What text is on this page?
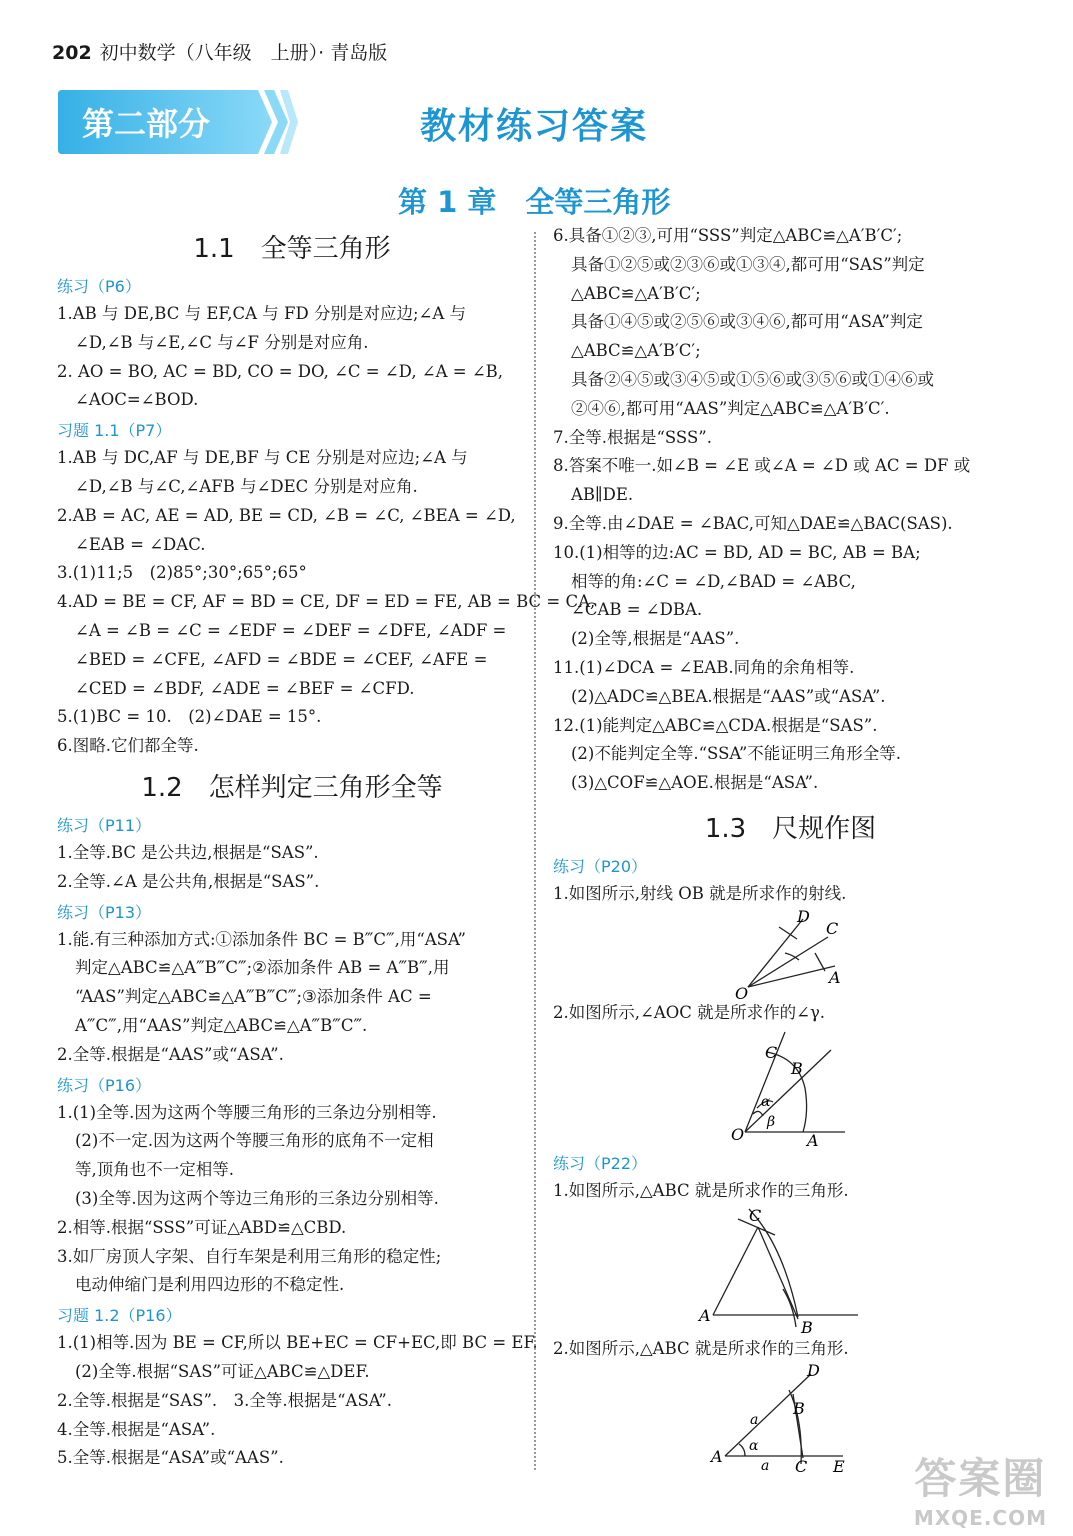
202 初中数学（八年级　上册）· 青岛版
第二部分	教材练习答案
第 1 章　全等三角形
1.1　全等三角形
练习（P6）
1.AB 与 DE,BC 与 EF,CA 与 FD 分别是对应边;∠A 与
∠D,∠B 与∠E,∠C 与∠F 分别是对应角.
2. AO = BO, AC = BD, CO = DO, ∠C = ∠D, ∠A = ∠B,
∠AOC=∠BOD.
习题 1.1（P7）
1.AB 与 DC,AF 与 DE,BF 与 CE 分别是对应边;∠A 与
∠D,∠B 与∠C,∠AFB 与∠DEC 分别是对应角.
2.AB = AC, AE = AD, BE = CD, ∠B = ∠C, ∠BEA = ∠D,
∠EAB = ∠DAC.
3.(1)11;5　(2)85°;30°;65°;65°
4.AD = BE = CF, AF = BD = CE, DF = ED = FE, AB = BC = CA,
∠A = ∠B = ∠C = ∠EDF = ∠DEF = ∠DFE, ∠ADF =
∠BED = ∠CFE, ∠AFD = ∠BDE = ∠CEF, ∠AFE =
∠CED = ∠BDF, ∠ADE = ∠BEF = ∠CFD.
5.(1)BC = 10.　(2)∠DAE = 15°.
6.图略.它们都全等.
1.2　怎样判定三角形全等
练习（P11）
1.全等.BC 是公共边,根据是“SAS”.
2.全等.∠A 是公共角,根据是“SAS”.
练习（P13）
1.能.有三种添加方式:①添加条件 BC = B‴C‴,用“ASA”
判定△ABC≌△A‴B‴C‴;②添加条件 AB = A‴B‴,用
“AAS”判定△ABC≌△A‴B‴C‴;③添加条件 AC =
A‴C‴,用“AAS”判定△ABC≌△A‴B‴C‴.
2.全等.根据是“AAS”或“ASA”.
练习（P16）
1.(1)全等.因为这两个等腰三角形的三条边分别相等.
(2)不一定.因为这两个等腰三角形的底角不一定相
等,顶角也不一定相等.
(3)全等.因为这两个等边三角形的三条边分别相等.
2.相等.根据“SSS”可证△ABD≌△CBD.
3.如厂房顶人字架、自行车架是利用三角形的稳定性;
电动伸缩门是利用四边形的不稳定性.
习题 1.2（P16）
1.(1)相等.因为 BE = CF,所以 BE+EC = CF+EC,即 BC = EF.
(2)全等.根据“SAS”可证△ABC≌△DEF.
2.全等.根据是“SAS”.　3.全等.根据是“ASA”.
4.全等.根据是“ASA”.
5.全等.根据是“ASA”或“AAS”.
6.具备①②③,可用“SSS”判定△ABC≌△A′B′C′;
具备①②⑤或②③⑥或①③④,都可用“SAS”判定
△ABC≌△A′B′C′;
具备①④⑤或②⑤⑥或③④⑥,都可用“ASA”判定
△ABC≌△A′B′C′;
具备②④⑤或③④⑤或①⑤⑥或③⑤⑥或①④⑥或
②④⑥,都可用“AAS”判定△ABC≌△A′B′C′.
7.全等.根据是“SSS”.
8.答案不唯一.如∠B = ∠E 或∠A = ∠D 或 AC = DF 或
AB∥DE.
9.全等.由∠DAE = ∠BAC,可知△DAE≌△BAC(SAS).
10.(1)相等的边:AC = BD, AD = BC, AB = BA;
相等的角:∠C = ∠D,∠BAD = ∠ABC,
∠CAB = ∠DBA.
(2)全等,根据是“AAS”.
11.(1)∠DCA = ∠EAB.同角的余角相等.
(2)△ADC≌△BEA.根据是“AAS”或“ASA”.
12.(1)能判定△ABC≌△CDA.根据是“SAS”.
(2)不能判定全等.“SSA”不能证明三角形全等.
(3)△COF≌△AOE.根据是“ASA”.
1.3　尺规作图
练习（P20）
1.如图所示,射线 OB 就是所求作的射线.
D
C
O
A
2.如图所示,∠AOC 就是所求作的∠γ.
C
B
O	A
α
β
练习（P22）
1.如图所示,△ABC 就是所求作的三角形.
C
A
B
2.如图所示,△ABC 就是所求作的三角形.
D
B
A
C E
a
a
α
答案圈
MXQE.COM
